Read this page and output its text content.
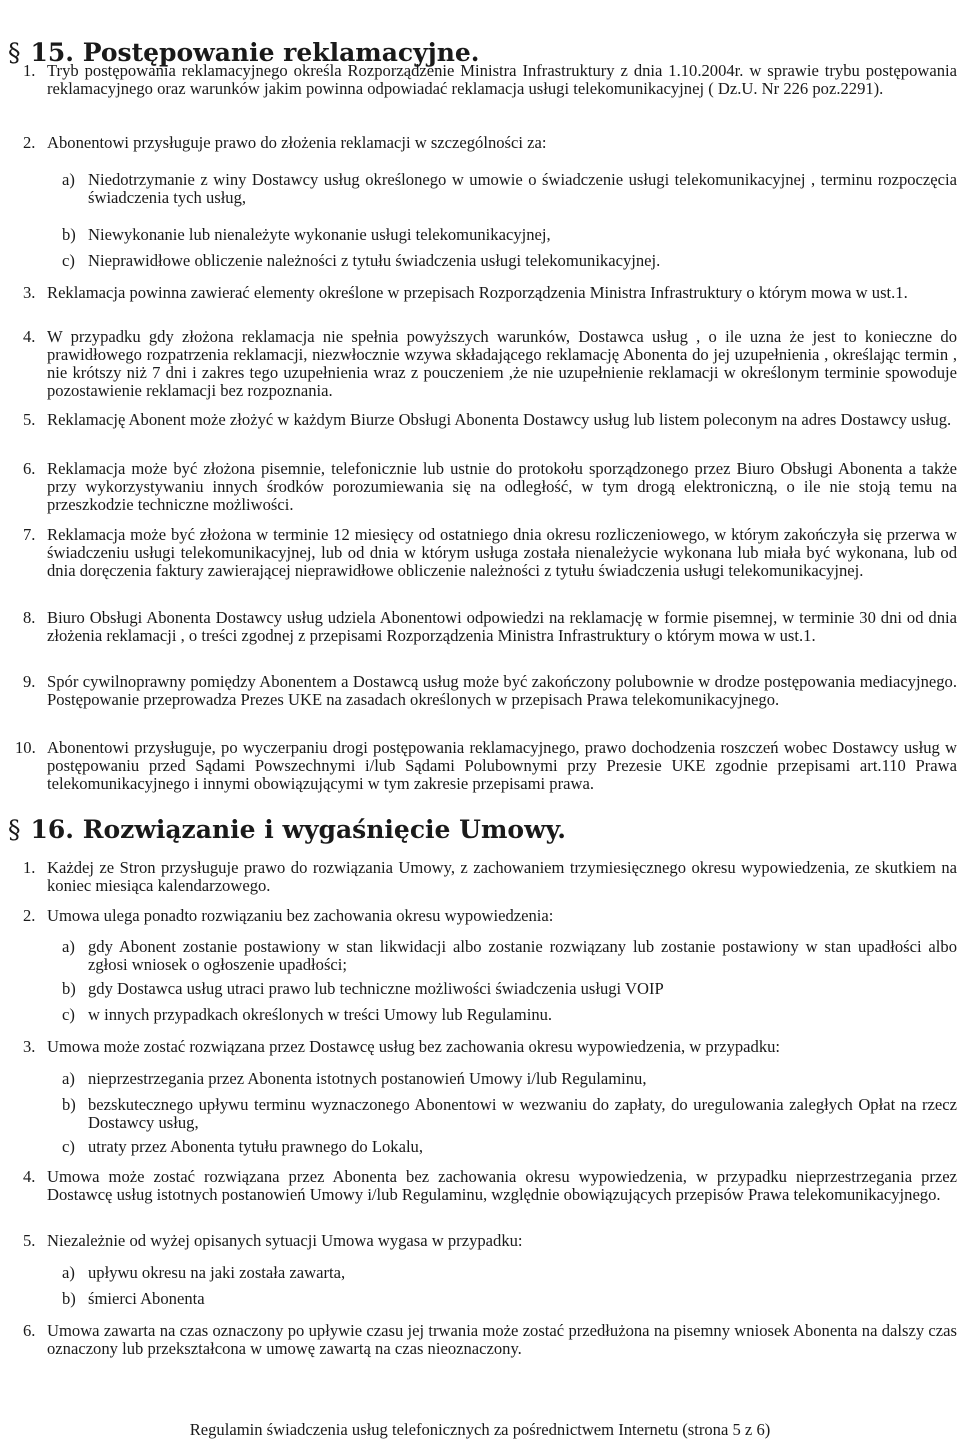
§ 15. Postępowanie reklamacyjne.

1. Tryb postępowania reklamacyjnego określa Rozporządzenie Ministra Infrastruktury z dnia 1.10.2004r. w sprawie trybu postępowania reklamacyjnego oraz warunków jakim powinna odpowiadać reklamacja usługi telekomunikacyjnej ( Dz.U. Nr 226 poz.2291).

2. Abonentowi przysługuje prawo do złożenia reklamacji w szczególności za:

a) Niedotrzymanie z winy Dostawcy usług określonego w umowie o świadczenie usługi telekomunikacyjnej , terminu rozpoczęcia świadczenia tych usług,

b) Niewykonanie lub nienależyte wykonanie usługi telekomunikacyjnej,

c) Nieprawidłowe obliczenie należności z tytułu świadczenia usługi telekomunikacyjnej.

3. Reklamacja powinna zawierać elementy określone w przepisach Rozporządzenia Ministra Infrastruktury o którym mowa w ust.1.

4. W przypadku gdy złożona reklamacja nie spełnia powyższych warunków, Dostawca usług , o ile uzna że jest to konieczne do prawidłowego rozpatrzenia reklamacji, niezwłocznie wzywa składającego reklamację Abonenta do jej uzupełnienia , określając termin , nie krótszy niż 7 dni i zakres tego uzupełnienia wraz z pouczeniem ,że nie uzupełnienie reklamacji w określonym terminie spowoduje pozostawienie reklamacji bez rozpoznania.

5. Reklamację Abonent może złożyć w każdym Biurze Obsługi Abonenta Dostawcy usług lub listem poleconym na adres Dostawcy usług.

6. Reklamacja może być złożona pisemnie, telefonicznie lub ustnie do protokołu sporządzonego przez Biuro Obsługi Abonenta a także przy wykorzystywaniu innych środków porozumiewania się na odległość, w tym drogą elektroniczną, o ile nie stoją temu na przeszkodzie techniczne możliwości.

7. Reklamacja może być złożona w terminie 12 miesięcy od ostatniego dnia okresu rozliczeniowego, w którym zakończyła się przerwa w świadczeniu usługi telekomunikacyjnej, lub od dnia w którym usługa została nienależycie wykonana lub miała być wykonana, lub od dnia doręczenia faktury zawierającej nieprawidłowe obliczenie należności z tytułu świadczenia usługi telekomunikacyjnej.

8. Biuro Obsługi Abonenta Dostawcy usług udziela Abonentowi odpowiedzi na reklamację w formie pisemnej, w terminie 30 dni od dnia złożenia reklamacji , o treści zgodnej z przepisami Rozporządzenia Ministra Infrastruktury o którym mowa w ust.1.

9. Spór cywilnoprawny pomiędzy Abonentem a Dostawcą usług może być zakończony polubownie w drodze postępowania mediacyjnego. Postępowanie przeprowadza Prezes UKE na zasadach określonych w przepisach Prawa telekomunikacyjnego.

10. Abonentowi przysługuje, po wyczerpaniu drogi postępowania reklamacyjnego, prawo dochodzenia roszczeń wobec Dostawcy usług w postępowaniu przed Sądami Powszechnymi i/lub Sądami Polubownymi przy Prezesie UKE zgodnie przepisami art.110 Prawa telekomunikacyjnego i innymi obowiązującymi w tym zakresie przepisami prawa.

§ 16. Rozwiązanie i wygaśnięcie Umowy.

1. Każdej ze Stron przysługuje prawo do rozwiązania Umowy, z zachowaniem trzymiesięcznego okresu wypowiedzenia, ze skutkiem na koniec miesiąca kalendarzowego.

2. Umowa ulega ponadto rozwiązaniu bez zachowania okresu wypowiedzenia:

a) gdy Abonent zostanie postawiony w stan likwidacji albo zostanie rozwiązany lub zostanie postawiony w stan upadłości albo zgłosi wniosek o ogłoszenie upadłości;

b) gdy Dostawca usług utraci prawo lub techniczne możliwości świadczenia usługi VOIP

c) w innych przypadkach określonych w treści Umowy lub Regulaminu.

3. Umowa może zostać rozwiązana przez Dostawcę usług bez zachowania okresu wypowiedzenia, w przypadku:

a) nieprzestrzegania przez Abonenta istotnych postanowień Umowy i/lub Regulaminu,

b) bezskutecznego upływu terminu wyznaczonego Abonentowi w wezwaniu do zapłaty, do uregulowania zaległych Opłat na rzecz Dostawcy usług,

c) utraty przez Abonenta tytułu prawnego do Lokalu,

4. Umowa może zostać rozwiązana przez Abonenta bez zachowania okresu wypowiedzenia, w przypadku nieprzestrzegania przez Dostawcę usług istotnych postanowień Umowy i/lub Regulaminu, względnie obowiązujących przepisów Prawa telekomunikacyjnego.

5. Niezależnie od wyżej opisanych sytuacji Umowa wygasa w przypadku:

a) upływu okresu na jaki została zawarta,

b) śmierci Abonenta

6. Umowa zawarta na czas oznaczony po upływie czasu jej trwania może zostać przedłużona na pisemny wniosek Abonenta na dalszy czas oznaczony lub przekształcona w umowę zawartą na czas nieoznaczony.

Regulamin świadczenia usług telefonicznych za pośrednictwem Internetu (strona 5 z 6)
